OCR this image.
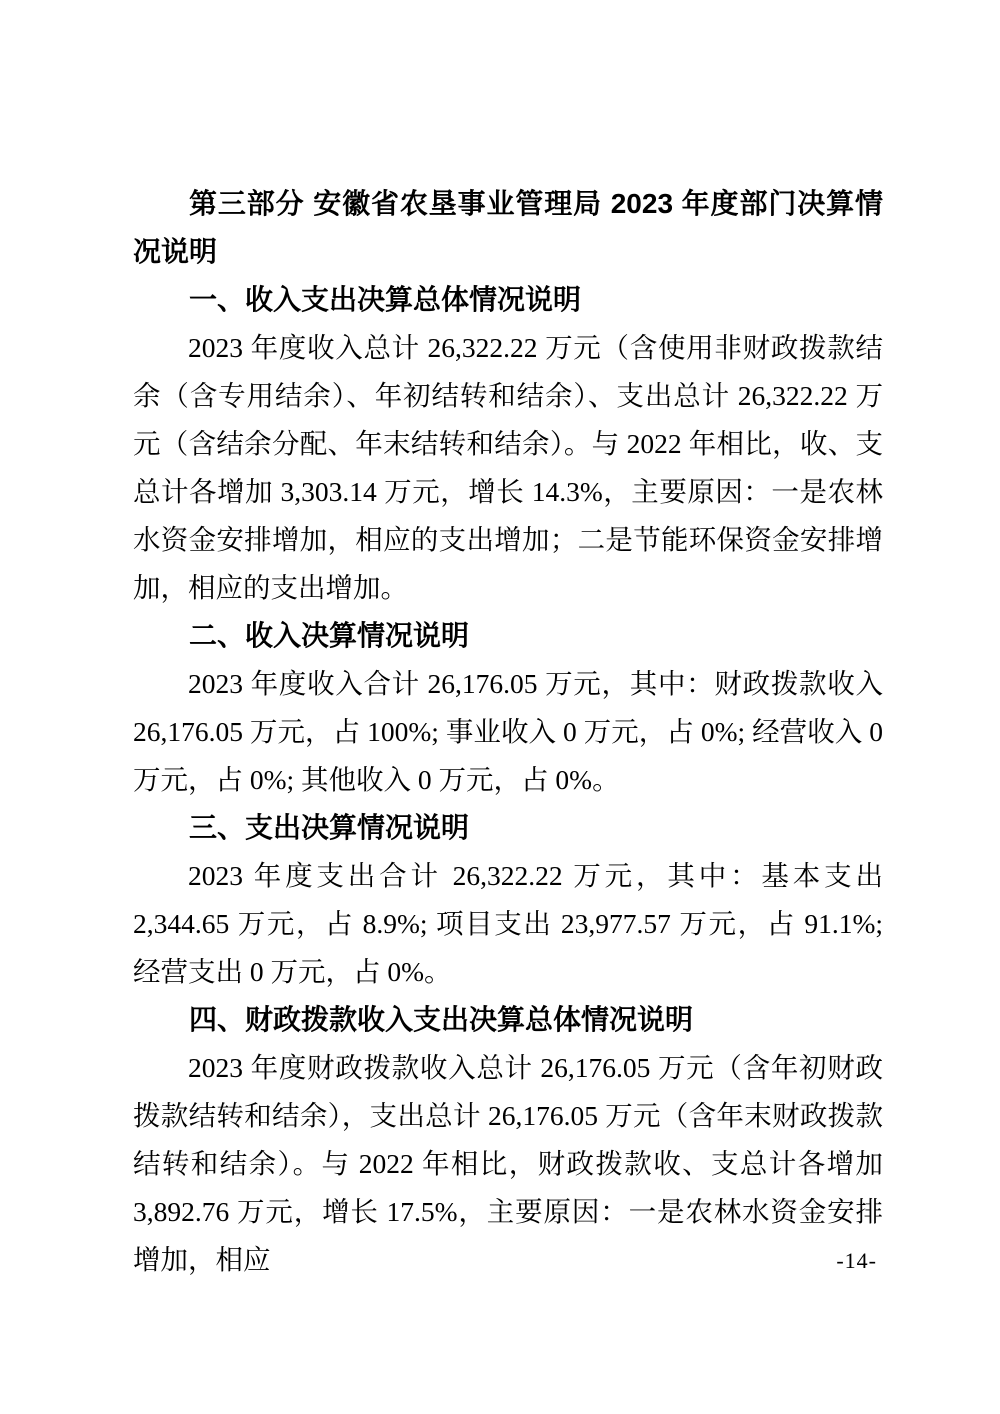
第三部分 安徽省农垦事业管理局 2023 年度部门决算情况说明

一、收入支出决算总体情况说明

2023 年度收入总计 26,322.22 万元（含使用非财政拨款结余（含专用结余）、年初结转和结余）、支出总计 26,322.22 万元（含结余分配、年末结转和结余）。与 2022 年相比，收、支总计各增加 3,303.14 万元，增长 14.3%，主要原因：一是农林水资金安排增加，相应的支出增加；二是节能环保资金安排增加，相应的支出增加。

二、收入决算情况说明

2023 年度收入合计 26,176.05 万元，其中：财政拨款收入 26,176.05 万元，占 100%; 事业收入 0 万元，占 0%; 经营收入 0 万元，占 0%; 其他收入 0 万元，占 0%。

三、支出决算情况说明

2023 年度支出合计 26,322.22 万元，其中：基本支出 2,344.65 万元，占 8.9%; 项目支出 23,977.57 万元，占 91.1%; 经营支出 0 万元，占 0%。

四、财政拨款收入支出决算总体情况说明

2023 年度财政拨款收入总计 26,176.05 万元（含年初财政拨款结转和结余），支出总计 26,176.05 万元（含年末财政拨款结转和结余）。与 2022 年相比，财政拨款收、支总计各增加 3,892.76 万元，增长 17.5%，主要原因：一是农林水资金安排增加，相应	-14-
